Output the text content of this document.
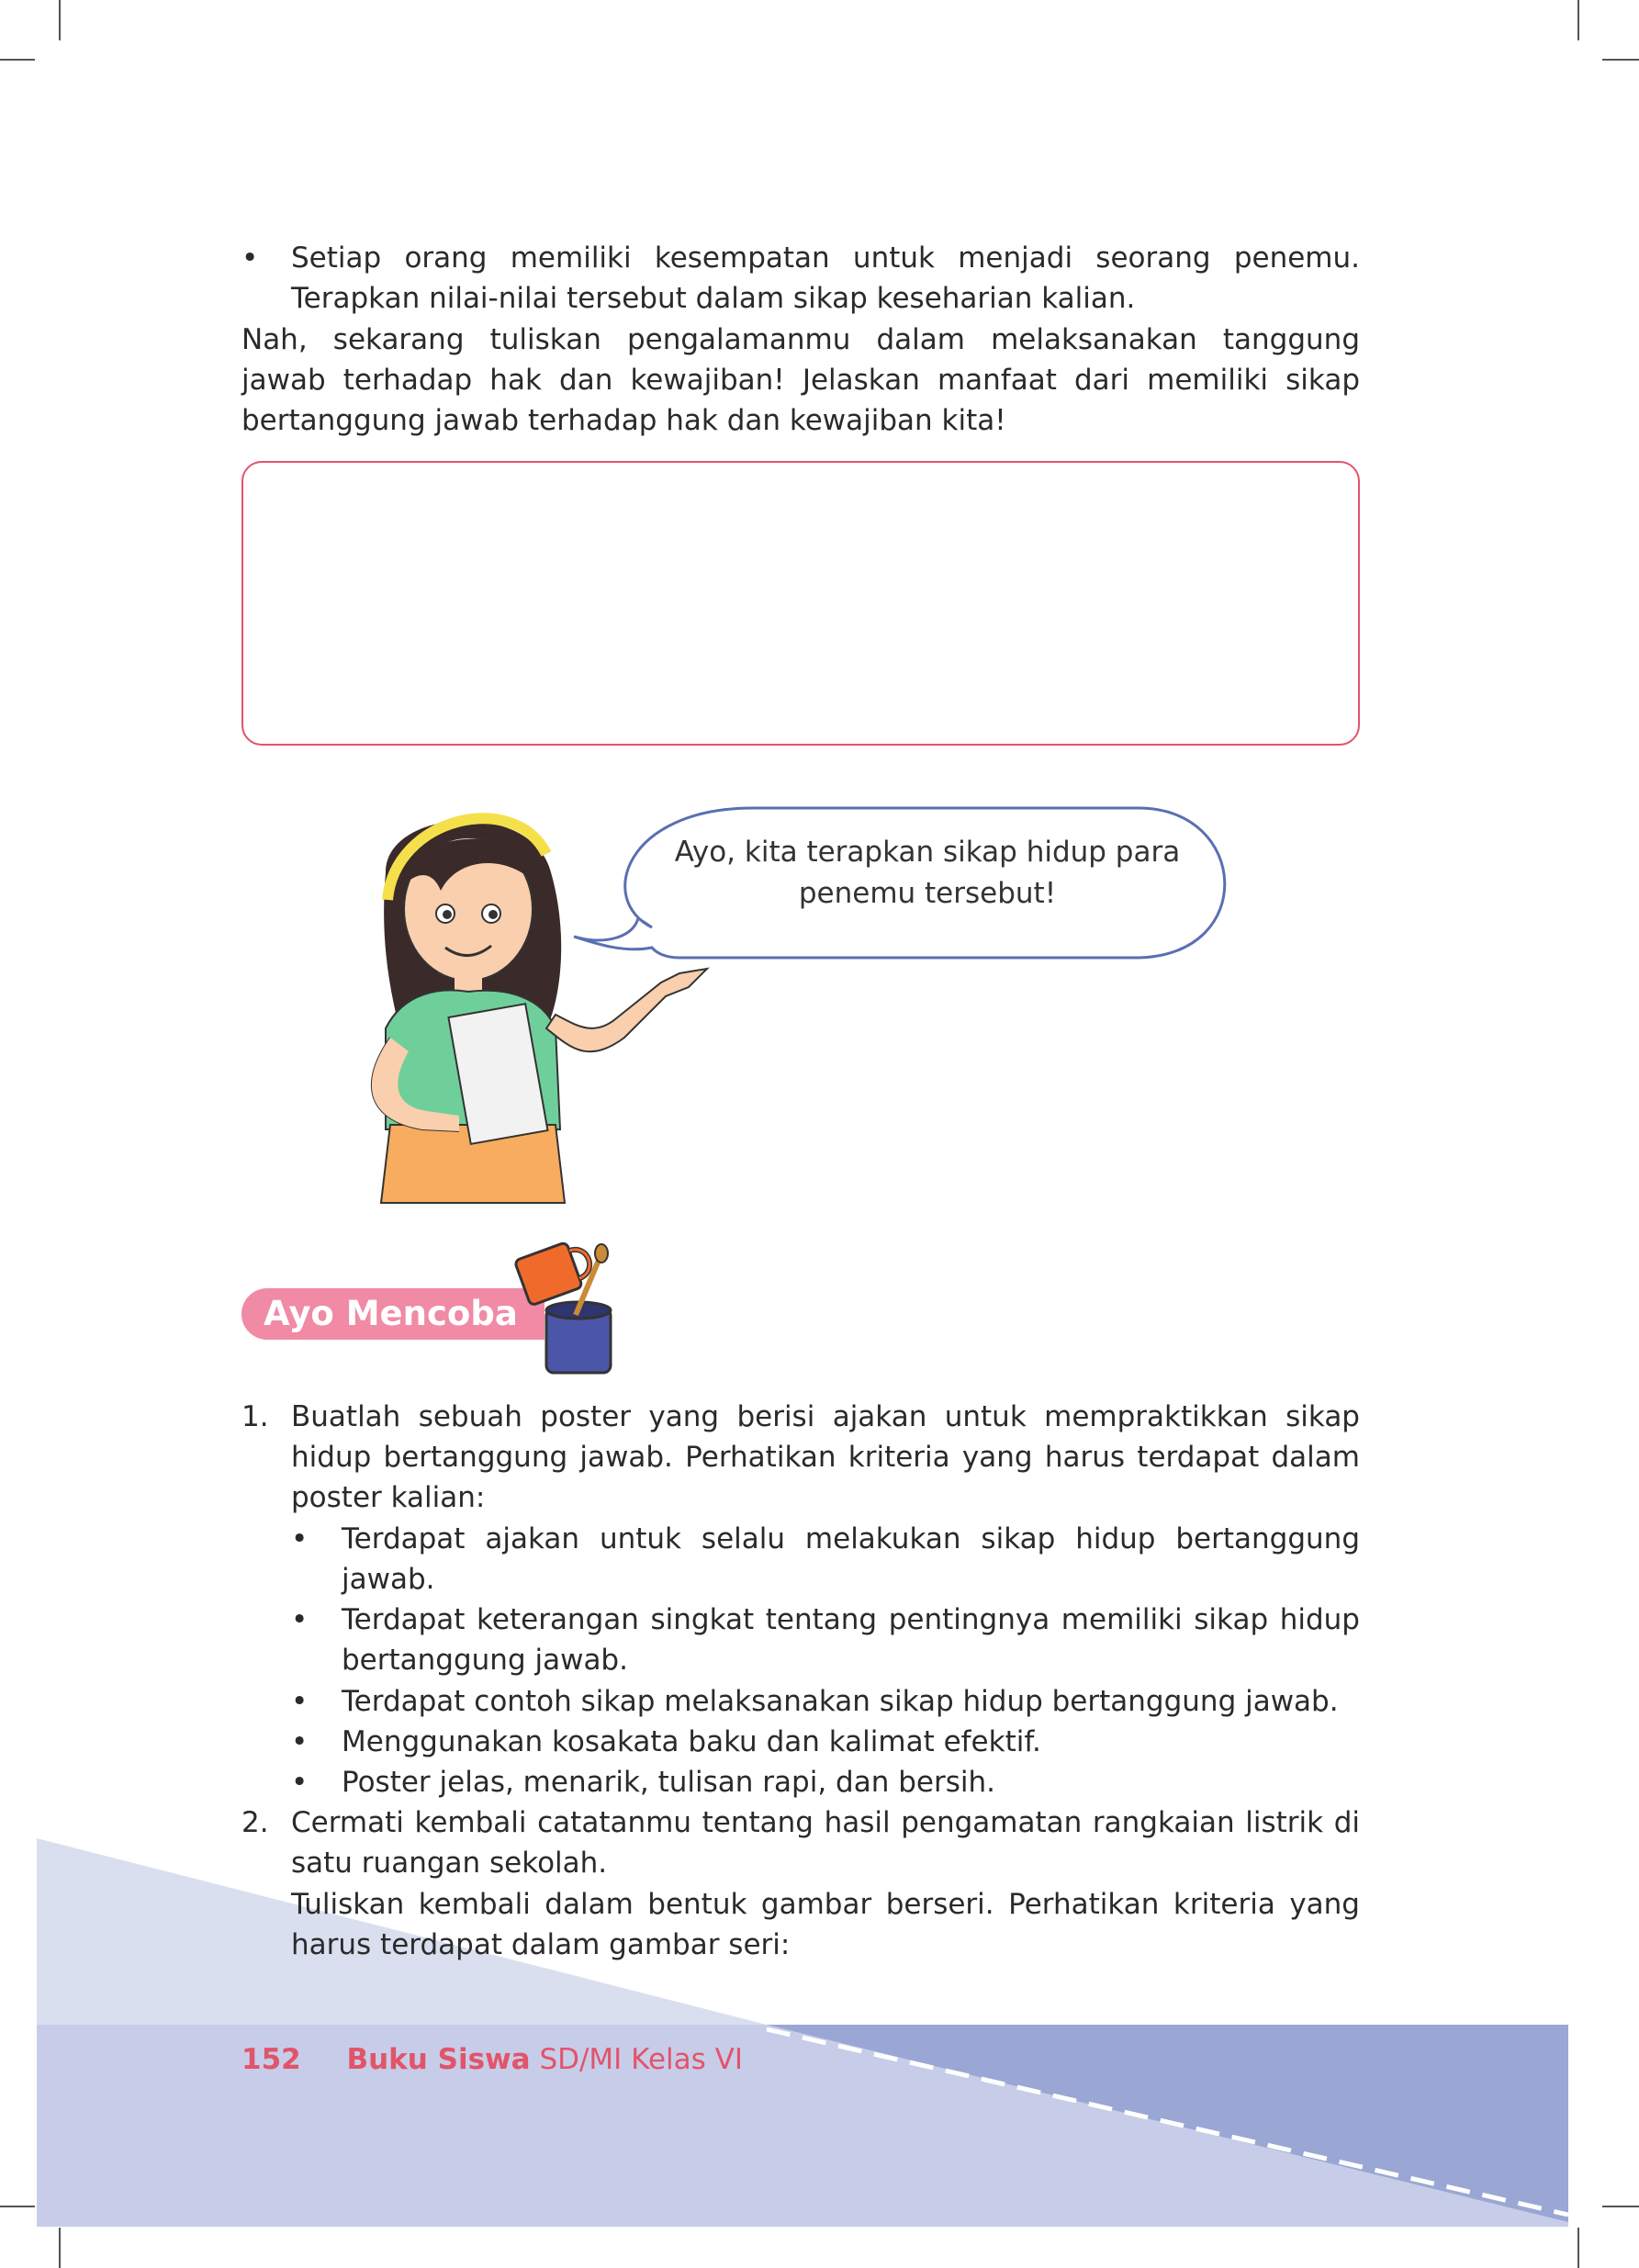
•	Setiap orang memiliki kesempatan untuk menjadi seorang penemu.
Terapkan nilai-nilai tersebut dalam sikap keseharian kalian.
Nah, sekarang tuliskan pengalamanmu dalam melaksanakan tanggung
jawab terhadap hak dan kewajiban! Jelaskan manfaat dari memiliki sikap
bertanggung jawab terhadap hak dan kewajiban kita!
Ayo, kita terapkan sikap hidup para
penemu tersebut!
Ayo Mencoba
1. Buatlah sebuah poster yang berisi ajakan untuk mempraktikkan sikap
hidup bertanggung jawab. Perhatikan kriteria yang harus terdapat dalam
poster kalian:
• Terdapat ajakan untuk selalu melakukan sikap hidup bertanggung
jawab.
• Terdapat keterangan singkat tentang pentingnya memiliki sikap hidup
bertanggung jawab.
• Terdapat contoh sikap melaksanakan sikap hidup bertanggung jawab.
• Menggunakan kosakata baku dan kalimat efektif.
• Poster jelas, menarik, tulisan rapi, dan bersih.
2. Cermati kembali catatanmu tentang hasil pengamatan rangkaian listrik di
satu ruangan sekolah.
Tuliskan kembali dalam bentuk gambar berseri. Perhatikan kriteria yang
harus terdapat dalam gambar seri:
152 Buku Siswa SD/MI Kelas VI
